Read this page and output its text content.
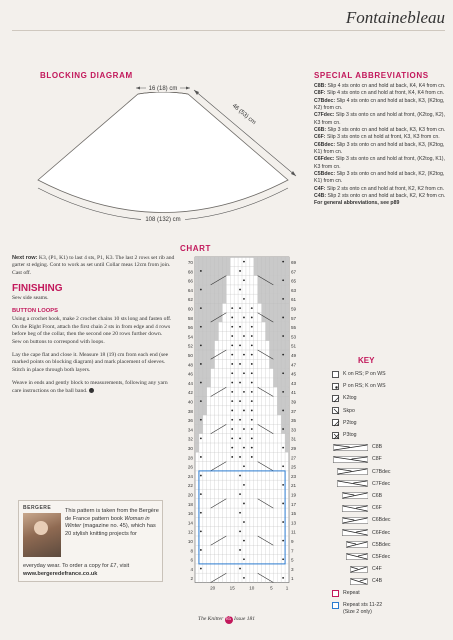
Fontainebleau
BLOCKING DIAGRAM
16 (18) cm
46 (53) cm
108 (132) cm
SPECIAL ABBREVIATIONS

C8B: Slip 4 sts onto cn and hold at back, K4, K4 from cn.

C8F: Slip 4 sts onto cn and hold at front, K4, K4 from cn.

C7Bdec: Slip 4 sts onto cn and hold at back, K3, (K2tog, K2) from cn.

C7Fdec: Slip 3 sts onto cn and hold at front, (K2tog, K2), K3 from cn.

C6B: Slip 3 sts onto cn and hold at back, K3, K3 from cn.

C6F: Slip 3 sts onto cn at hold at front, K3, K3 from cn.

C6Bdec: Slip 3 sts onto cn and hold at back, K3, (K2tog, K1) from cn.

C6Fdec: Slip 3 sts onto cn and hold at front, (K2tog, K1), K3 from cn.

C5Bdec: Slip 3 sts onto cn and hold at back, K2, (K2tog, K1) from cn.

C4F: Slip 2 sts onto cn and hold at front, K2, K2 from cn.

C4B: Slip 2 sts onto cn and hold at back, K2, K2 from cn.

For general abbreviations, see p89

Next row: K3, (P1, K1) to last 4 sts, P1, K3. The last 2 rows set rib and garter st edging. Cont to work as set until Collar meas 12cm from join.

Cast off.

FINISHING

Sew side seams.

BUTTON LOOPS

Using a crochet hook, make 2 crochet chains 10 sts long and fasten off.

On the Right Front, attach the first chain 2 sts in from edge and 4 rows before beg of the collar, then the second one 20 rows further down.

Sew on buttons to correspond with loops.

Lay the cape flat and close it. Measure 18 (19) cm from each end (see marked points on blocking diagram) and mark placement of sleeves. Stitch in place through both layers.

Weave in ends and gently block to measurements, following any yarn care instructions on the ball band.

BERGERE This pattern is taken from the Bergère de France pattern book Woman in Winter (magazine no. 45), which has 20 stylish knitting projects for
everyday wear. To order a copy for £7, visit www.bergeredefrance.co.uk
CHART
70
68
66
64
62
60
58
56
54
52
50
48
46
44
42
40
38
36
34
32
30
28
26
24
22
20
18
16
14
12
10
8
6
4
2
69
67
65
63
61
59
57
55
53
51
49
47
45
43
41
39
37
35
33
31
29
27
25
23
21
19
17
15
13
11
9
7
5
3
1
20	15	10	5	1
KEY
K on RS; P on WS
P on RS; K on WS
K2tog
Skpo
P2tog
P3tog
C8B
C8F
C7Bdec
C7Fdec
C6B
C6F
C6Bdec
C6Fdec
C5Bdec
C5Fdec
C4F
C4B
Repeat
Repeat sts 11-22
(Size 2 only)
The Knitter 85 Issue 181
